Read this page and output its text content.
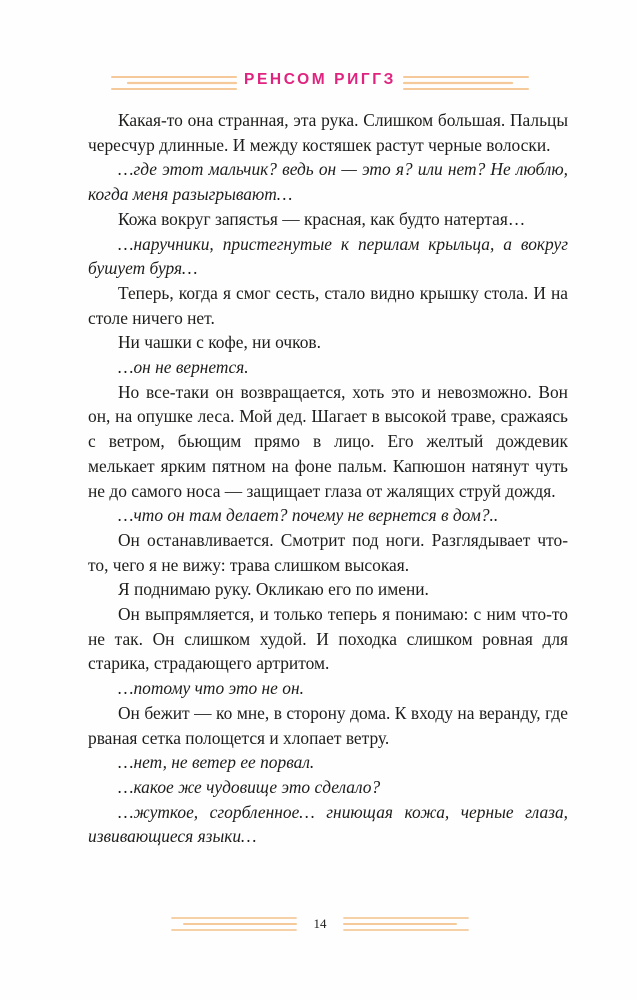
РЕНСОМ РИГГЗ

Какая-то она странная, эта рука. Слишком большая. Пальцы чересчур длинные. И между костяшек растут черные волоски.

…где этот мальчик? ведь он — это я? или нет? Не люблю, когда меня разыгрывают…

Кожа вокруг запястья — красная, как будто натертая…

…наручники, пристегнутые к перилам крыльца, а вокруг бушует буря…

Теперь, когда я смог сесть, стало видно крышку стола. И на столе ничего нет.

Ни чашки с кофе, ни очков.

…он не вернется.

Но все-таки он возвращается, хоть это и невозможно. Вон он, на опушке леса. Мой дед. Шагает в высокой траве, сражаясь с ветром, бьющим прямо в лицо. Его желтый дождевик мелькает ярким пятном на фоне пальм. Капюшон натянут чуть не до самого носа — защищает глаза от жалящих струй дождя.

…что он там делает? почему не вернется в дом?..

Он останавливается. Смотрит под ноги. Разглядывает что-то, чего я не вижу: трава слишком высокая.

Я поднимаю руку. Окликаю его по имени.

Он выпрямляется, и только теперь я понимаю: с ним что-то не так. Он слишком худой. И походка слишком ровная для старика, страдающего артритом.

…потому что это не он.

Он бежит — ко мне, в сторону дома. К входу на веранду, где рваная сетка полощется и хлопает ветру.

…нет, не ветер ее порвал.

…какое же чудовище это сделало?

…жуткое, сгорбленное… гниющая кожа, черные глаза, извивающиеся языки…

14
